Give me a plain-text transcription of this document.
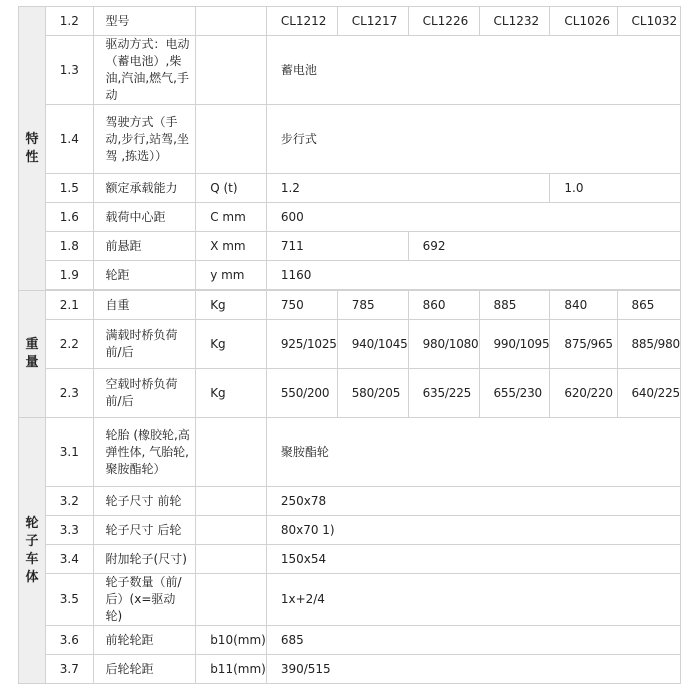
特性	1.2	型号		CL1212	CL1217	CL1226	CL1232	CL1026	CL1032
	1.3	驱动方式：电动（蓄电池）,柴油,汽油,燃气,手动		蓄电池					
	1.4	驾驶方式（手动,步行,站驾,坐驾 ,拣选））		步行式					
	1.5	额定承载能力	Q (t)	1.2				1.0	
	1.6	载荷中心距	C mm	600					
	1.8	前悬距	X mm	711		692			
	1.9	轮距	y mm	1160					

重量	2.1	自重	Kg	750	785	860	885	840	865
	2.2	满载时桥负荷 前/后	Kg	925/1025	940/1045	980/1080	990/1095	875/965	885/980
	2.3	空载时桥负荷 前/后	Kg	550/200	580/205	635/225	655/230	620/220	640/225
轮子车体	3.1	轮胎 (橡胶轮,高弹性体, 气胎轮,聚胺酯轮）		聚胺酯轮					
	3.2	轮子尺寸 前轮		250x78					
	3.3	轮子尺寸 后轮		80x70 1)					
	3.4	附加轮子(尺寸)		150x54					
	3.5	轮子数量（前/后）(x=驱动轮)		1x+2/4					
	3.6	前轮轮距	b10(mm)	685					
	3.7	后轮轮距	b11(mm)	390/515					
